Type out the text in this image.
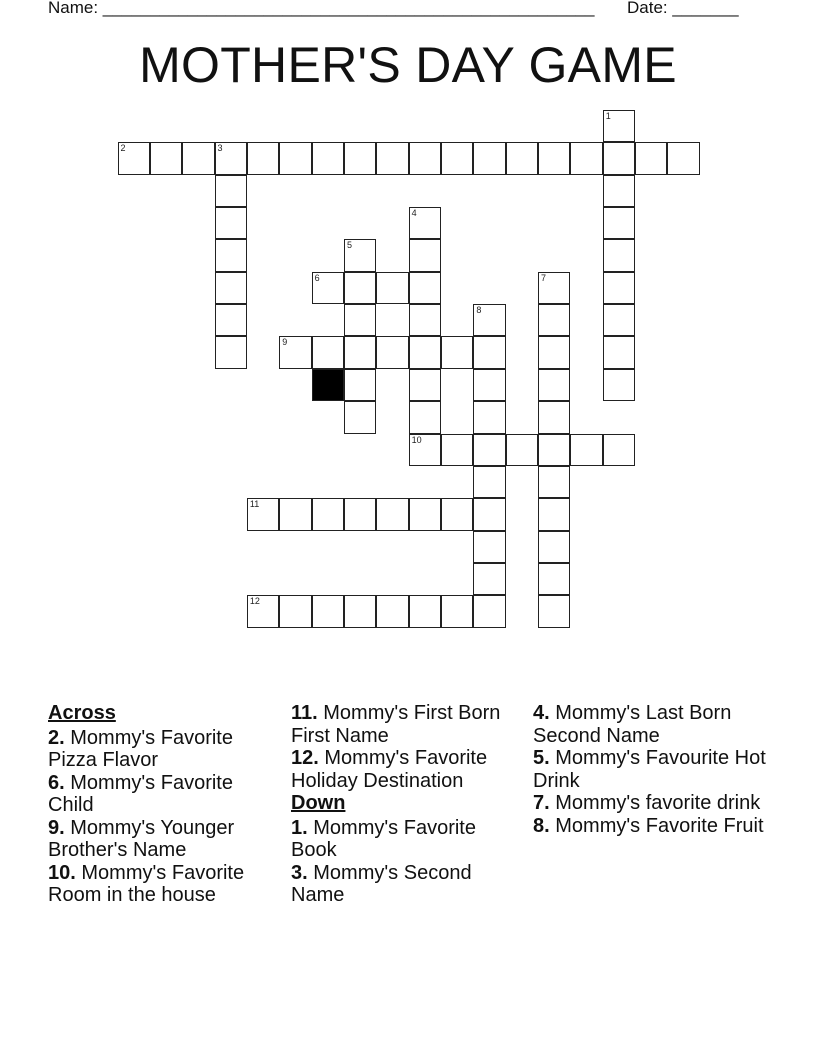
Name: ____________________________________________________ Date: _______
MOTHER'S DAY GAME
1
2	3
4
10
5
6	7
8
9
11
12
Across
2. Mommy's Favorite Pizza Flavor
6. Mommy's Favorite Child
9. Mommy's Younger Brother's Name
10. Mommy's Favorite Room in the house
11. Mommy's First Born First Name
12. Mommy's Favorite Holiday Destination
Down
1. Mommy's Favorite Book
3. Mommy's Second Name
4. Mommy's Last Born Second Name
5. Mommy's Favourite Hot Drink
7. Mommy's favorite drink
8. Mommy's Favorite Fruit
